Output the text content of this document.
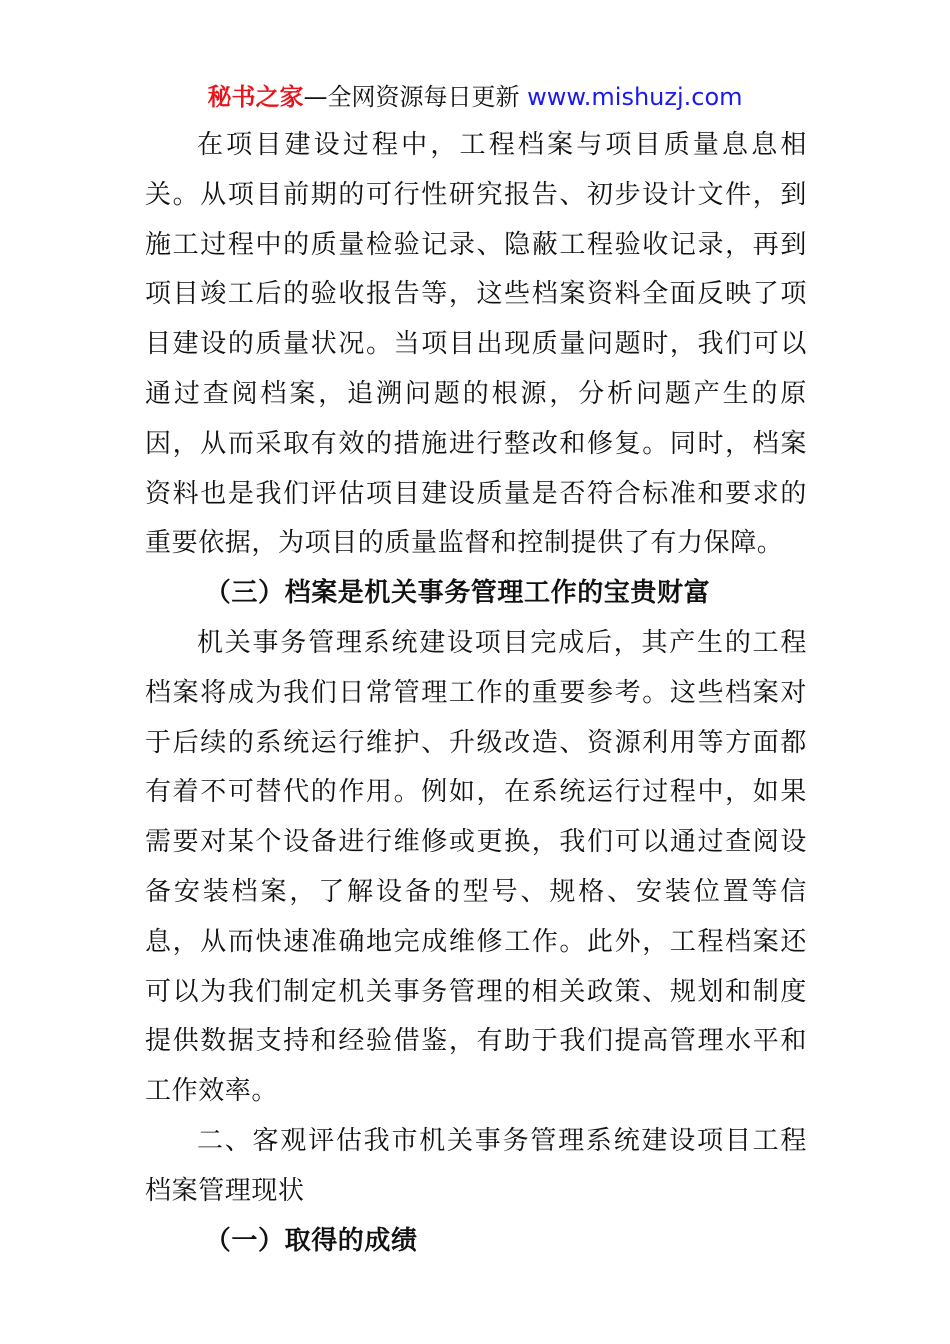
秘书之家—全网资源每日更新 www.mishuzj.com

在项目建设过程中，工程档案与项目质量息息相关。从项目前期的可行性研究报告、初步设计文件，到施工过程中的质量检验记录、隐蔽工程验收记录，再到项目竣工后的验收报告等，这些档案资料全面反映了项目建设的质量状况。当项目出现质量问题时，我们可以通过查阅档案，追溯问题的根源，分析问题产生的原因，从而采取有效的措施进行整改和修复。同时，档案资料也是我们评估项目建设质量是否符合标准和要求的重要依据，为项目的质量监督和控制提供了有力保障。

（三）档案是机关事务管理工作的宝贵财富

机关事务管理系统建设项目完成后，其产生的工程档案将成为我们日常管理工作的重要参考。这些档案对于后续的系统运行维护、升级改造、资源利用等方面都有着不可替代的作用。例如，在系统运行过程中，如果需要对某个设备进行维修或更换，我们可以通过查阅设备安装档案，了解设备的型号、规格、安装位置等信息，从而快速准确地完成维修工作。此外，工程档案还可以为我们制定机关事务管理的相关政策、规划和制度提供数据支持和经验借鉴，有助于我们提高管理水平和工作效率。

二、客观评估我市机关事务管理系统建设项目工程档案管理现状

（一）取得的成绩
